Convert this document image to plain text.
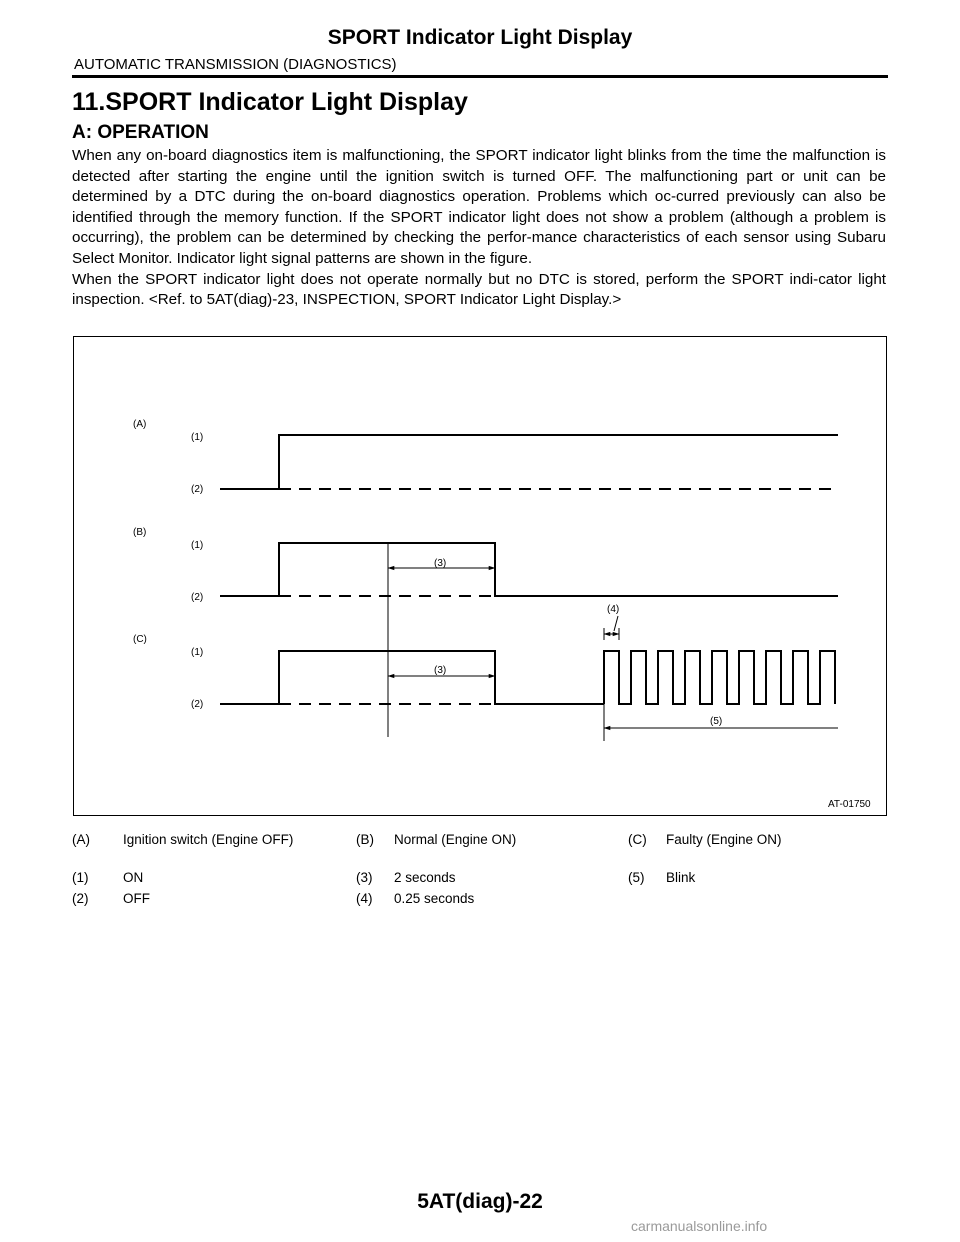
SPORT Indicator Light Display
AUTOMATIC TRANSMISSION (DIAGNOSTICS)
11.SPORT Indicator Light Display
A: OPERATION

When any on-board diagnostics item is malfunctioning, the SPORT indicator light blinks from the time the malfunction is detected after starting the engine until the ignition switch is turned OFF. The malfunctioning part or unit can be determined by a DTC during the on-board diagnostics operation. Problems which oc-curred previously can also be identified through the memory function. If the SPORT indicator light does not show a problem (although a problem is occurring), the problem can be determined by checking the perfor-mance characteristics of each sensor using Subaru Select Monitor. Indicator light signal patterns are shown in the figure.

When the SPORT indicator light does not operate normally but no DTC is stored, perform the SPORT indi-cator light inspection. <Ref. to 5AT(diag)-23, INSPECTION, SPORT Indicator Light Display.>

(A)
(1)
(2)
(B)
(1)
(2)
(3)
(C)
(1)
(2)
(3)
(4)
(5)
AT-01750
(A) Ignition switch (Engine OFF)	(B) Normal (Engine ON)	(C) Faulty (Engine ON)
(1)	ON	(3) 2 seconds	(5) Blink
(2)	OFF	(4) 0.25 seconds
5AT(diag)-22
carmanualsonline.info
